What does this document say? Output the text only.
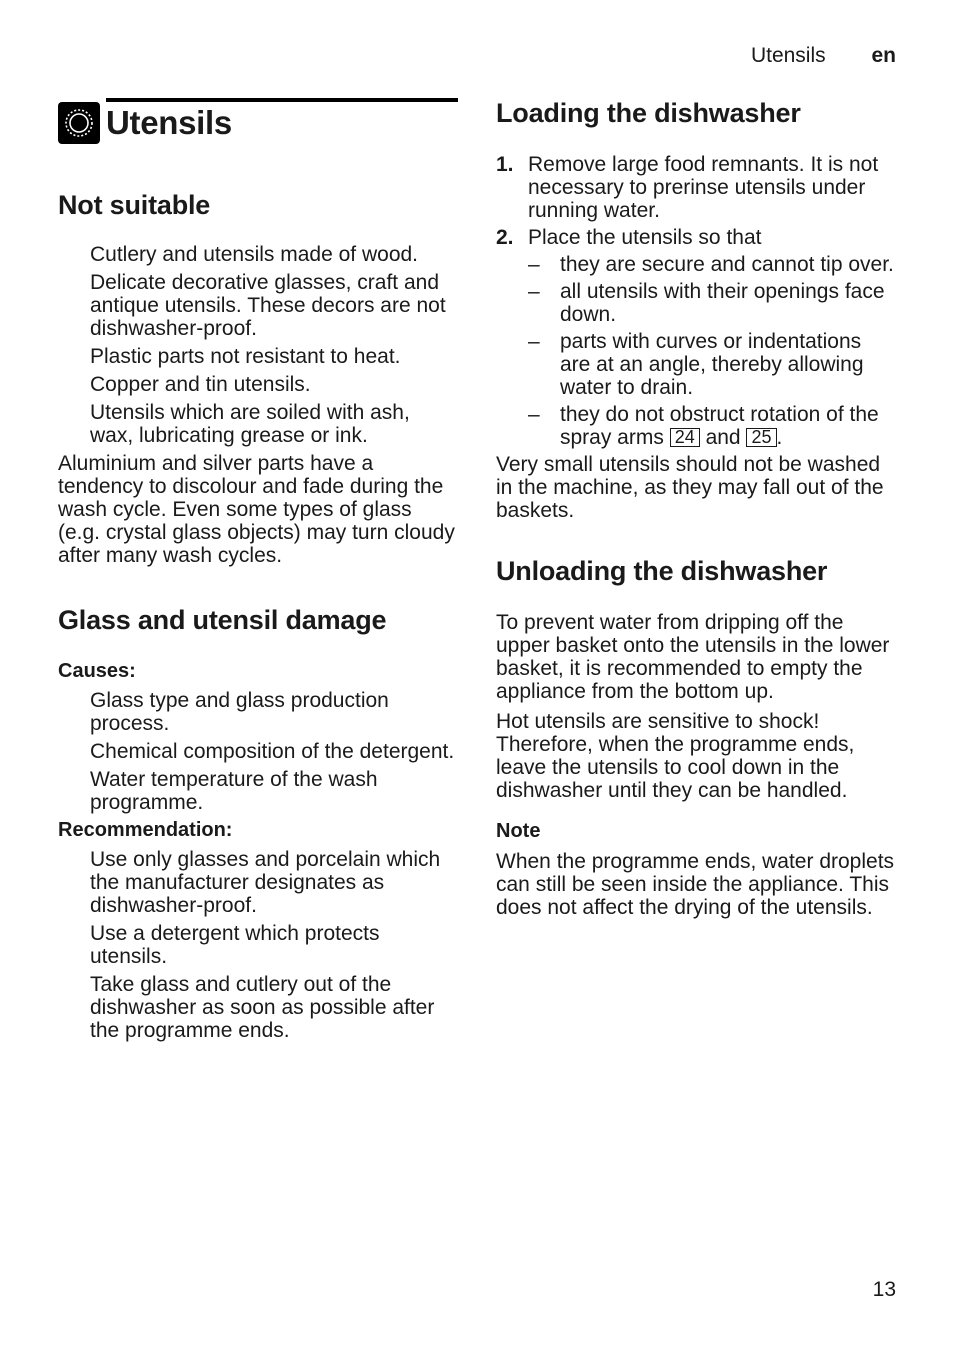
Utensils en
Utensils
Not suitable
Cutlery and utensils made of wood.
Delicate decorative glasses, craft and antique utensils. These decors are not dishwasher-proof.
Plastic parts not resistant to heat.
Copper and tin utensils.
Utensils which are soiled with ash, wax, lubricating grease or ink.

Aluminium and silver parts have a tendency to discolour and fade during the wash cycle. Even some types of glass (e.g. crystal glass objects) may turn cloudy after many wash cycles.

Glass and utensil damage
Causes:
Glass type and glass production process.
Chemical composition of the detergent.
Water temperature of the wash programme.
Recommendation:
Use only glasses and porcelain which the manufacturer designates as dishwasher-proof.
Use a detergent which protects utensils.
Take glass and cutlery out of the dishwasher as soon as possible after the programme ends.
Loading the dishwasher
1. Remove large food remnants. It is not necessary to prerinse utensils under running water.
2. Place the utensils so that
– they are secure and cannot tip over.
– all utensils with their openings face down.
– parts with curves or indentations are at an angle, thereby allowing water to drain.
– they do not obstruct rotation of the spray arms 24 and 25 .

Very small utensils should not be washed in the machine, as they may fall out of the baskets.

Unloading the dishwasher

To prevent water from dripping off the upper basket onto the utensils in the lower basket, it is recommended to empty the appliance from the bottom up.

Hot utensils are sensitive to shock! Therefore, when the programme ends, leave the utensils to cool down in the dishwasher until they can be handled.

Note

When the programme ends, water droplets can still be seen inside the appliance. This does not affect the drying of the utensils.

13
